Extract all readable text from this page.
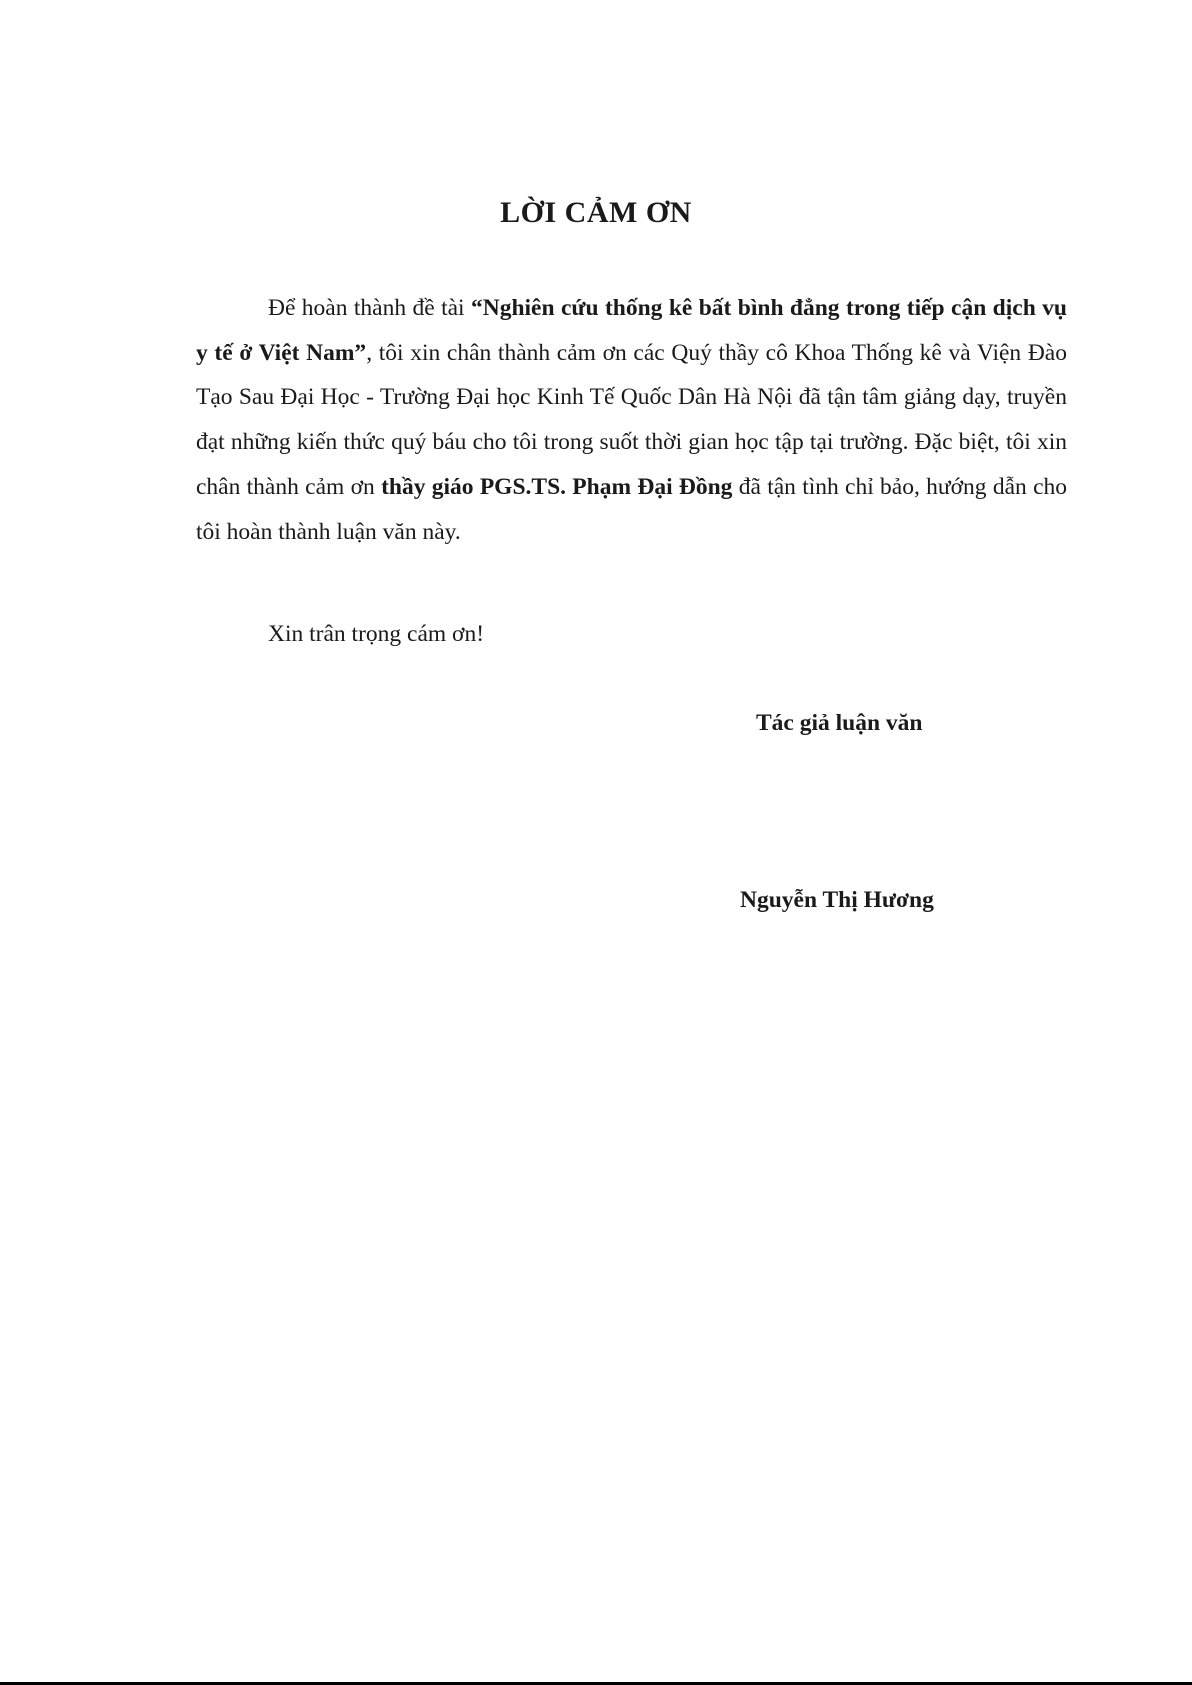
LỜI CẢM ƠN

Để hoàn thành đề tài “Nghiên cứu thống kê bất bình đẳng trong tiếp cận dịch vụ y tế ở Việt Nam”, tôi xin chân thành cảm ơn các Quý thầy cô Khoa Thống kê và Viện Đào Tạo Sau Đại Học - Trường Đại học Kinh Tế Quốc Dân Hà Nội đã tận tâm giảng dạy, truyền đạt những kiến thức quý báu cho tôi trong suốt thời gian học tập tại trường. Đặc biệt, tôi xin chân thành cảm ơn thầy giáo PGS.TS. Phạm Đại Đồng đã tận tình chỉ bảo, hướng dẫn cho tôi hoàn thành luận văn này.

Xin trân trọng cám ơn!

Tác giả luận văn

Nguyễn Thị Hương
